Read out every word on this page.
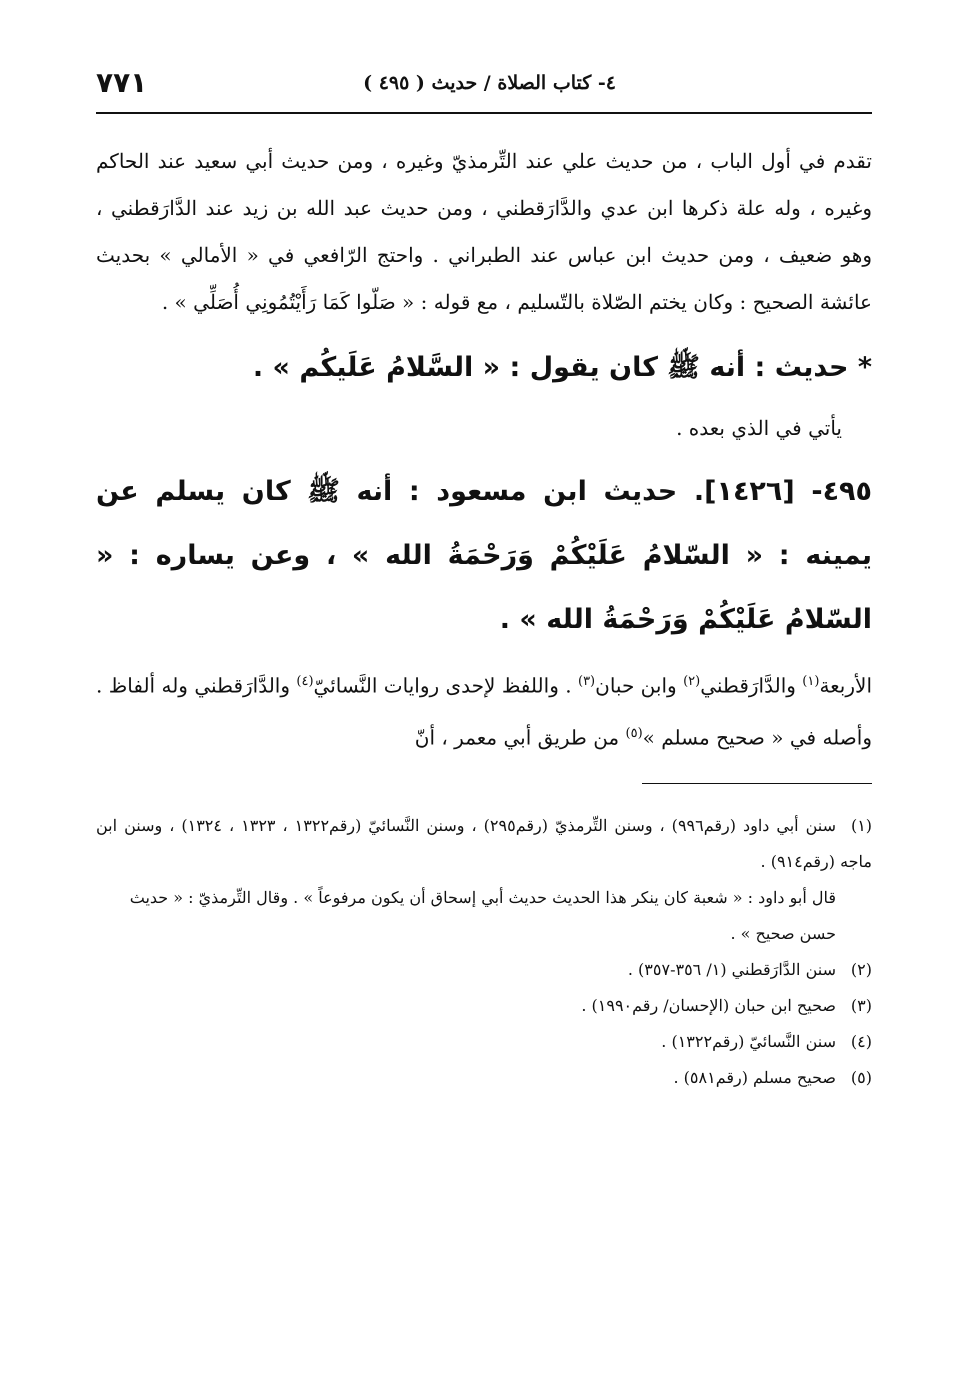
٧٧١	٤- كتاب الصلاة / حديث ( ٤٩٥ )

تقدم في أول الباب ، من حديث علي عند التِّرمذيّ وغيره ، ومن حديث أبي سعيد عند الحاكم وغيره ، وله علة ذكرها ابن عدي والدَّارَقطني ، ومن حديث عبد الله بن زيد عند الدَّارَقطني ، وهو ضعيف ، ومن حديث ابن عباس عند الطبراني . واحتج الرّافعي في « الأمالي » بحديث عائشة الصحيح : وكان يختم الصّلاة بالتّسليم ، مع قوله : « صَلّوا كَمَا رَأَيْتُمُونِي أُصَلِّي » .

* حديث : أنه ﷺ كان يقول : « السَّلامُ عَلَيكُم » .

يأتي في الذي بعده .

٤٩٥- [١٤٢٦]. حديث ابن مسعود : أنه ﷺ كان يسلم عن يمينه : « السّلامُ عَلَيْكُمْ وَرَحْمَةُ الله » ، وعن يساره : « السّلامُ عَلَيْكُمْ وَرَحْمَةُ الله » .

الأربعة$^{(١)}$ والدَّارَقطني$^{(٢)}$ وابن حبان$^{(٣)}$ . واللفظ لإحدى روايات النَّسائيّ$^{(٤)}$ والدَّارَقطني وله ألفاظ . وأصله في « صحيح مسلم »$^{(٥)}$ من طريق أبي معمر ، أنّ

(١)سنن أبي داود (رقم٩٩٦) ، وسنن التِّرمذيّ (رقم٢٩٥) ، وسنن النَّسائيّ (رقم١٣٢٢ ، ١٣٢٣ ، ١٣٢٤) ، وسنن ابن ماجه (رقم٩١٤) .

قال أبو داود : « شعبة كان ينكر هذا الحديث حديث أبي إسحاق أن يكون مرفوعاً » . وقال التِّرمذيّ : « حديث حسن صحيح » .

(٢)سنن الدَّارَقطني (١/ ٣٥٦-٣٥٧) .

(٣)صحيح ابن حبان (الإحسان/ رقم١٩٩٠) .

(٤)سنن النَّسائيّ (رقم١٣٢٢) .

(٥)صحيح مسلم (رقم٥٨١) .
